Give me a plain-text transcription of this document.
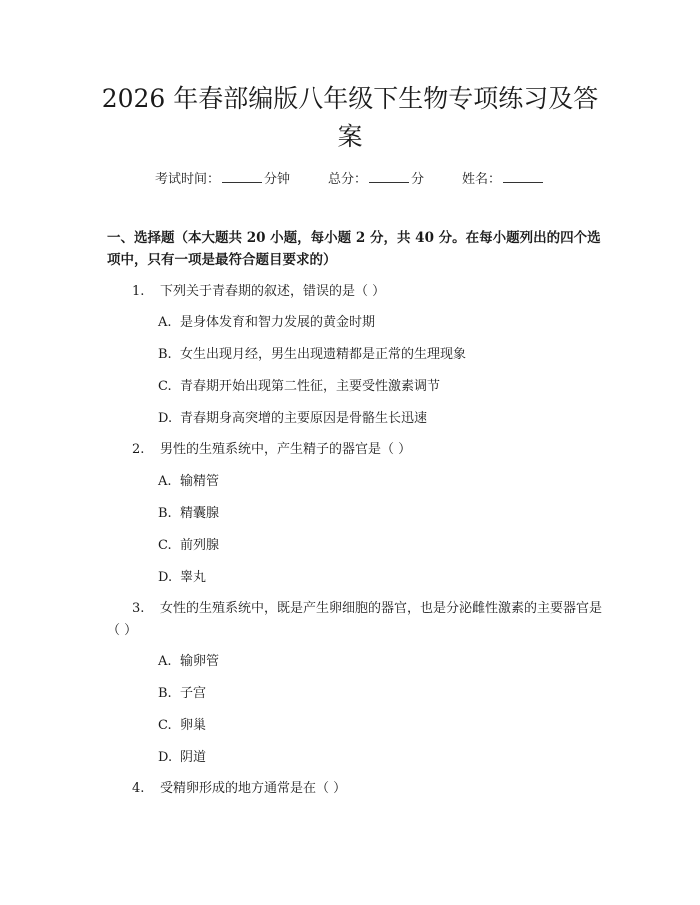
2026 年春部编版八年级下生物专项练习及答案
考试时间：	分钟	总分：	分	姓名：

一、选择题（本大题共 20 小题，每小题 2 分，共 40 分。在每小题列出的四个选项中，只有一项是最符合题目要求的）

1. 下列关于青春期的叙述，错误的是（ ）
A. 是身体发育和智力发展的黄金时期
B. 女生出现月经，男生出现遗精都是正常的生理现象
C. 青春期开始出现第二性征，主要受性激素调节
D. 青春期身高突增的主要原因是骨骼生长迅速
2. 男性的生殖系统中，产生精子的器官是（ ）
A. 输精管
B. 精囊腺
C. 前列腺
D. 睾丸
3. 女性的生殖系统中，既是产生卵细胞的器官，也是分泌雌性激素的主要器官是（ ）
A. 输卵管
B. 子宫
C. 卵巢
D. 阴道
4. 受精卵形成的地方通常是在（ ）
